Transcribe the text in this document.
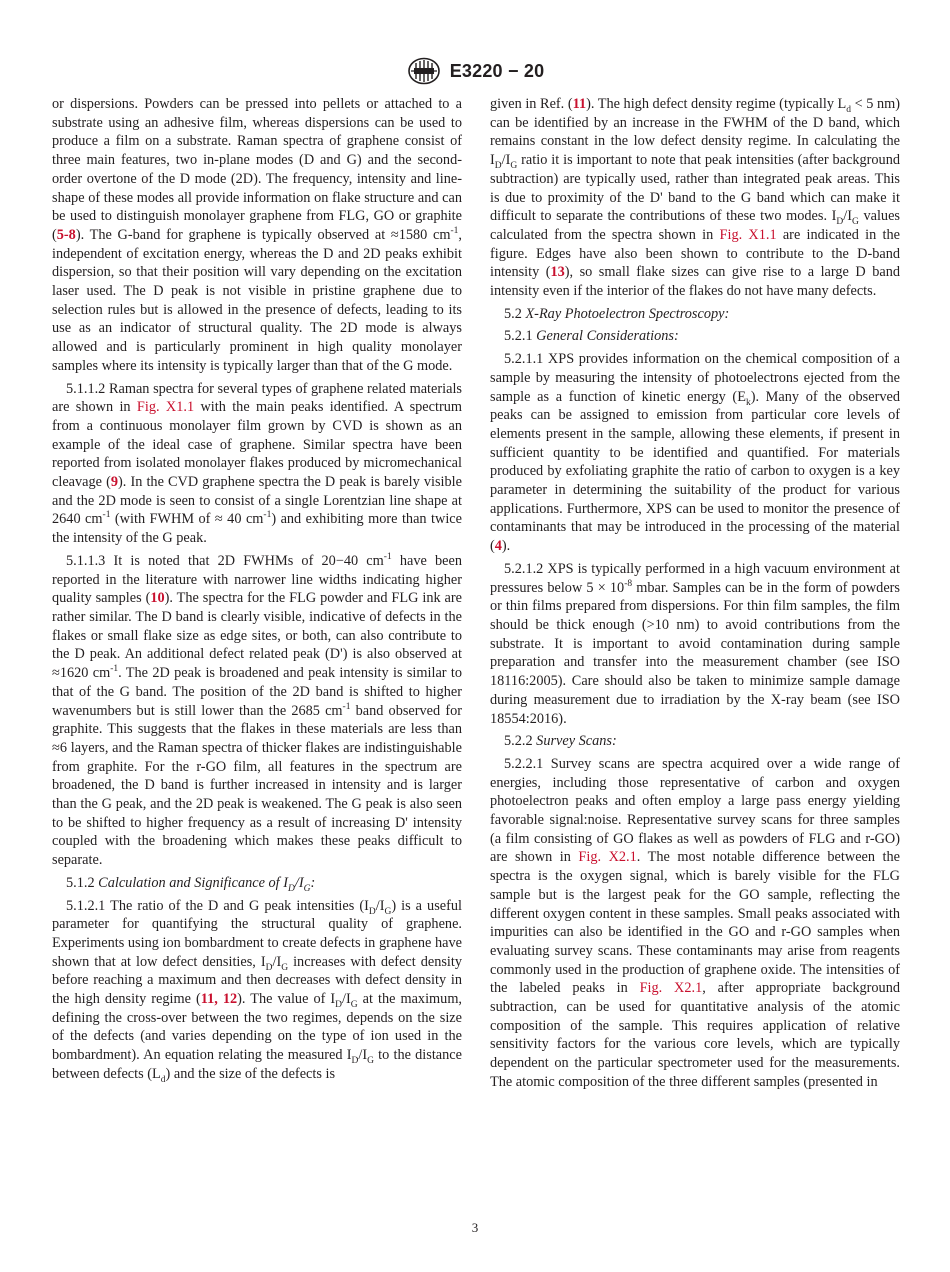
E3220 − 20

or dispersions. Powders can be pressed into pellets or attached to a substrate using an adhesive film, whereas dispersions can be used to produce a film on a substrate. Raman spectra of graphene consist of three main features, two in-plane modes (D and G) and the second-order overtone of the D mode (2D). The frequency, intensity and line-shape of these modes all provide information on flake structure and can be used to distinguish monolayer graphene from FLG, GO or graphite (5-8). The G-band for graphene is typically observed at ≈1580 $cm^{-1}$, independent of excitation energy, whereas the D and 2D peaks exhibit dispersion, so that their position will vary depending on the excitation laser used. The D peak is not visible in pristine graphene due to selection rules but is allowed in the presence of defects, leading to its use as an indicator of structural quality. The 2D mode is always allowed and is particularly prominent in high quality monolayer samples where its intensity is typically larger than that of the G mode.

5.1.1.2 Raman spectra for several types of graphene related materials are shown in Fig. X1.1 with the main peaks identified. A spectrum from a continuous monolayer film grown by CVD is shown as an example of the ideal case of graphene. Similar spectra have been reported from isolated monolayer flakes produced by micromechanical cleavage (9). In the CVD graphene spectra the D peak is barely visible and the 2D mode is seen to consist of a single Lorentzian line shape at 2640 $cm^{-1}$ (with FWHM of ≈ 40 $cm^{-1}$) and exhibiting more than twice the intensity of the G peak.

5.1.1.3 It is noted that 2D FWHMs of 20−40 $cm^{-1}$ have been reported in the literature with narrower line widths indicating higher quality samples (10). The spectra for the FLG powder and FLG ink are rather similar. The D band is clearly visible, indicative of defects in the flakes or small flake size as edge sites, or both, can also contribute to the D peak. An additional defect related peak (D') is also observed at ≈1620 $cm^{-1}$. The 2D peak is broadened and peak intensity is similar to that of the G band. The position of the 2D band is shifted to higher wavenumbers but is still lower than the 2685 $cm^{-1}$ band observed for graphite. This suggests that the flakes in these materials are less than ≈6 layers, and the Raman spectra of thicker flakes are indistinguishable from graphite. For the r-GO film, all features in the spectrum are broadened, the D band is further increased in intensity and is larger than the G peak, and the 2D peak is weakened. The G peak is also seen to be shifted to higher frequency as a result of increasing D' intensity coupled with the broadening which makes these peaks difficult to separate.

5.1.2 Calculation and Significance of $I_D/I_G$:

5.1.2.1 The ratio of the D and G peak intensities $(I_D/I_G)$ is a useful parameter for quantifying the structural quality of graphene. Experiments using ion bombardment to create defects in graphene have shown that at low defect densities, $I_D/I_G$ increases with defect density before reaching a maximum and then decreases with defect density in the high density regime (11, 12). The value of $I_D/I_G$ at the maximum, defining the cross-over between the two regimes, depends on the size of the defects (and varies depending on the type of ion used in the bombardment). An equation relating the measured $I_D/I_G$ to the distance between defects $(L_d)$ and the size of the defects is

given in Ref. (11). The high defect density regime (typically $L_d < 5$ nm) can be identified by an increase in the FWHM of the D band, which remains constant in the low defect density regime. In calculating the $I_D/I_G$ ratio it is important to note that peak intensities (after background subtraction) are typically used, rather than integrated peak areas. This is due to proximity of the D' band to the G band which can make it difficult to separate the contributions of these two modes. $I_D/I_G$ values calculated from the spectra shown in Fig. X1.1 are indicated in the figure. Edges have also been shown to contribute to the D-band intensity (13), so small flake sizes can give rise to a large D band intensity even if the interior of the flakes do not have many defects.

5.2 X-Ray Photoelectron Spectroscopy:

5.2.1 General Considerations:

5.2.1.1 XPS provides information on the chemical composition of a sample by measuring the intensity of photoelectrons ejected from the sample as a function of kinetic energy $(E_k)$. Many of the observed peaks can be assigned to emission from particular core levels of elements present in the sample, allowing these elements, if present in sufficient quantity to be identified and quantified. For materials produced by exfoliating graphite the ratio of carbon to oxygen is a key parameter in determining the suitability of the product for various applications. Furthermore, XPS can be used to monitor the presence of contaminants that may be introduced in the processing of the material (4).

5.2.1.2 XPS is typically performed in a high vacuum environment at pressures below $5 \times 10^{-8}$ mbar. Samples can be in the form of powders or thin films prepared from dispersions. For thin film samples, the film should be thick enough (>10 nm) to avoid contributions from the substrate. It is important to avoid contamination during sample preparation and transfer into the measurement chamber (see ISO 18116:2005). Care should also be taken to minimize sample damage during measurement due to irradiation by the X-ray beam (see ISO 18554:2016).

5.2.2 Survey Scans:

5.2.2.1 Survey scans are spectra acquired over a wide range of energies, including those representative of carbon and oxygen photoelectron peaks and often employ a large pass energy yielding favorable signal:noise. Representative survey scans for three samples (a film consisting of GO flakes as well as powders of FLG and r-GO) are shown in Fig. X2.1. The most notable difference between the spectra is the oxygen signal, which is barely visible for the FLG sample but is the largest peak for the GO sample, reflecting the different oxygen content in these samples. Small peaks associated with impurities can also be identified in the GO and r-GO samples when evaluating survey scans. These contaminants may arise from reagents commonly used in the production of graphene oxide. The intensities of the labeled peaks in Fig. X2.1, after appropriate background subtraction, can be used for quantitative analysis of the atomic composition of the sample. This requires application of relative sensitivity factors for the various core levels, which are typically dependent on the particular spectrometer used for the measurements. The atomic composition of the three different samples (presented in

3
